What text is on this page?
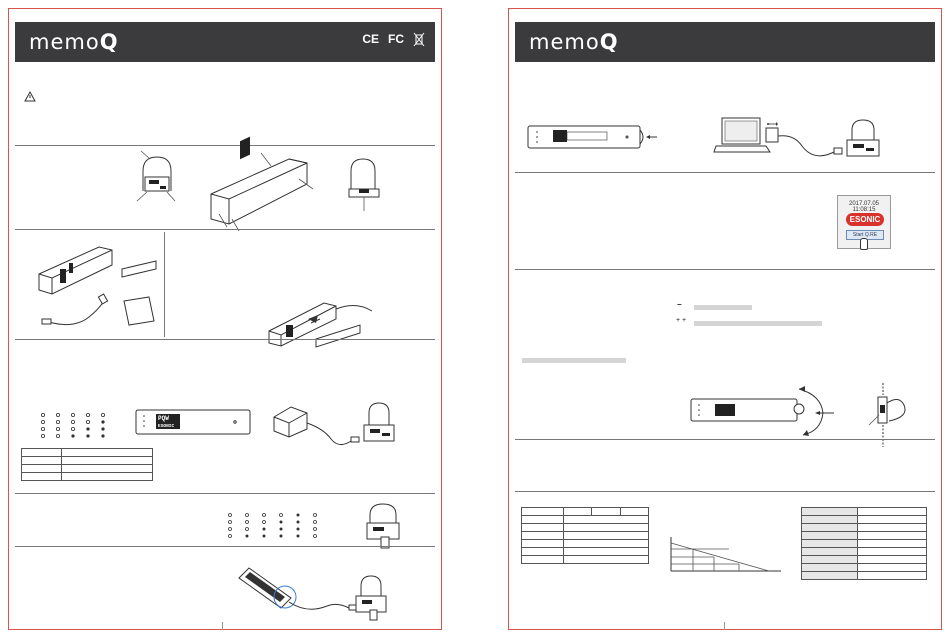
memoQ	CE FC
PQW
ESONIC

memoQ
2017.07.05 11:08:15
ESONIC
Start Q.RE
−
+ +
